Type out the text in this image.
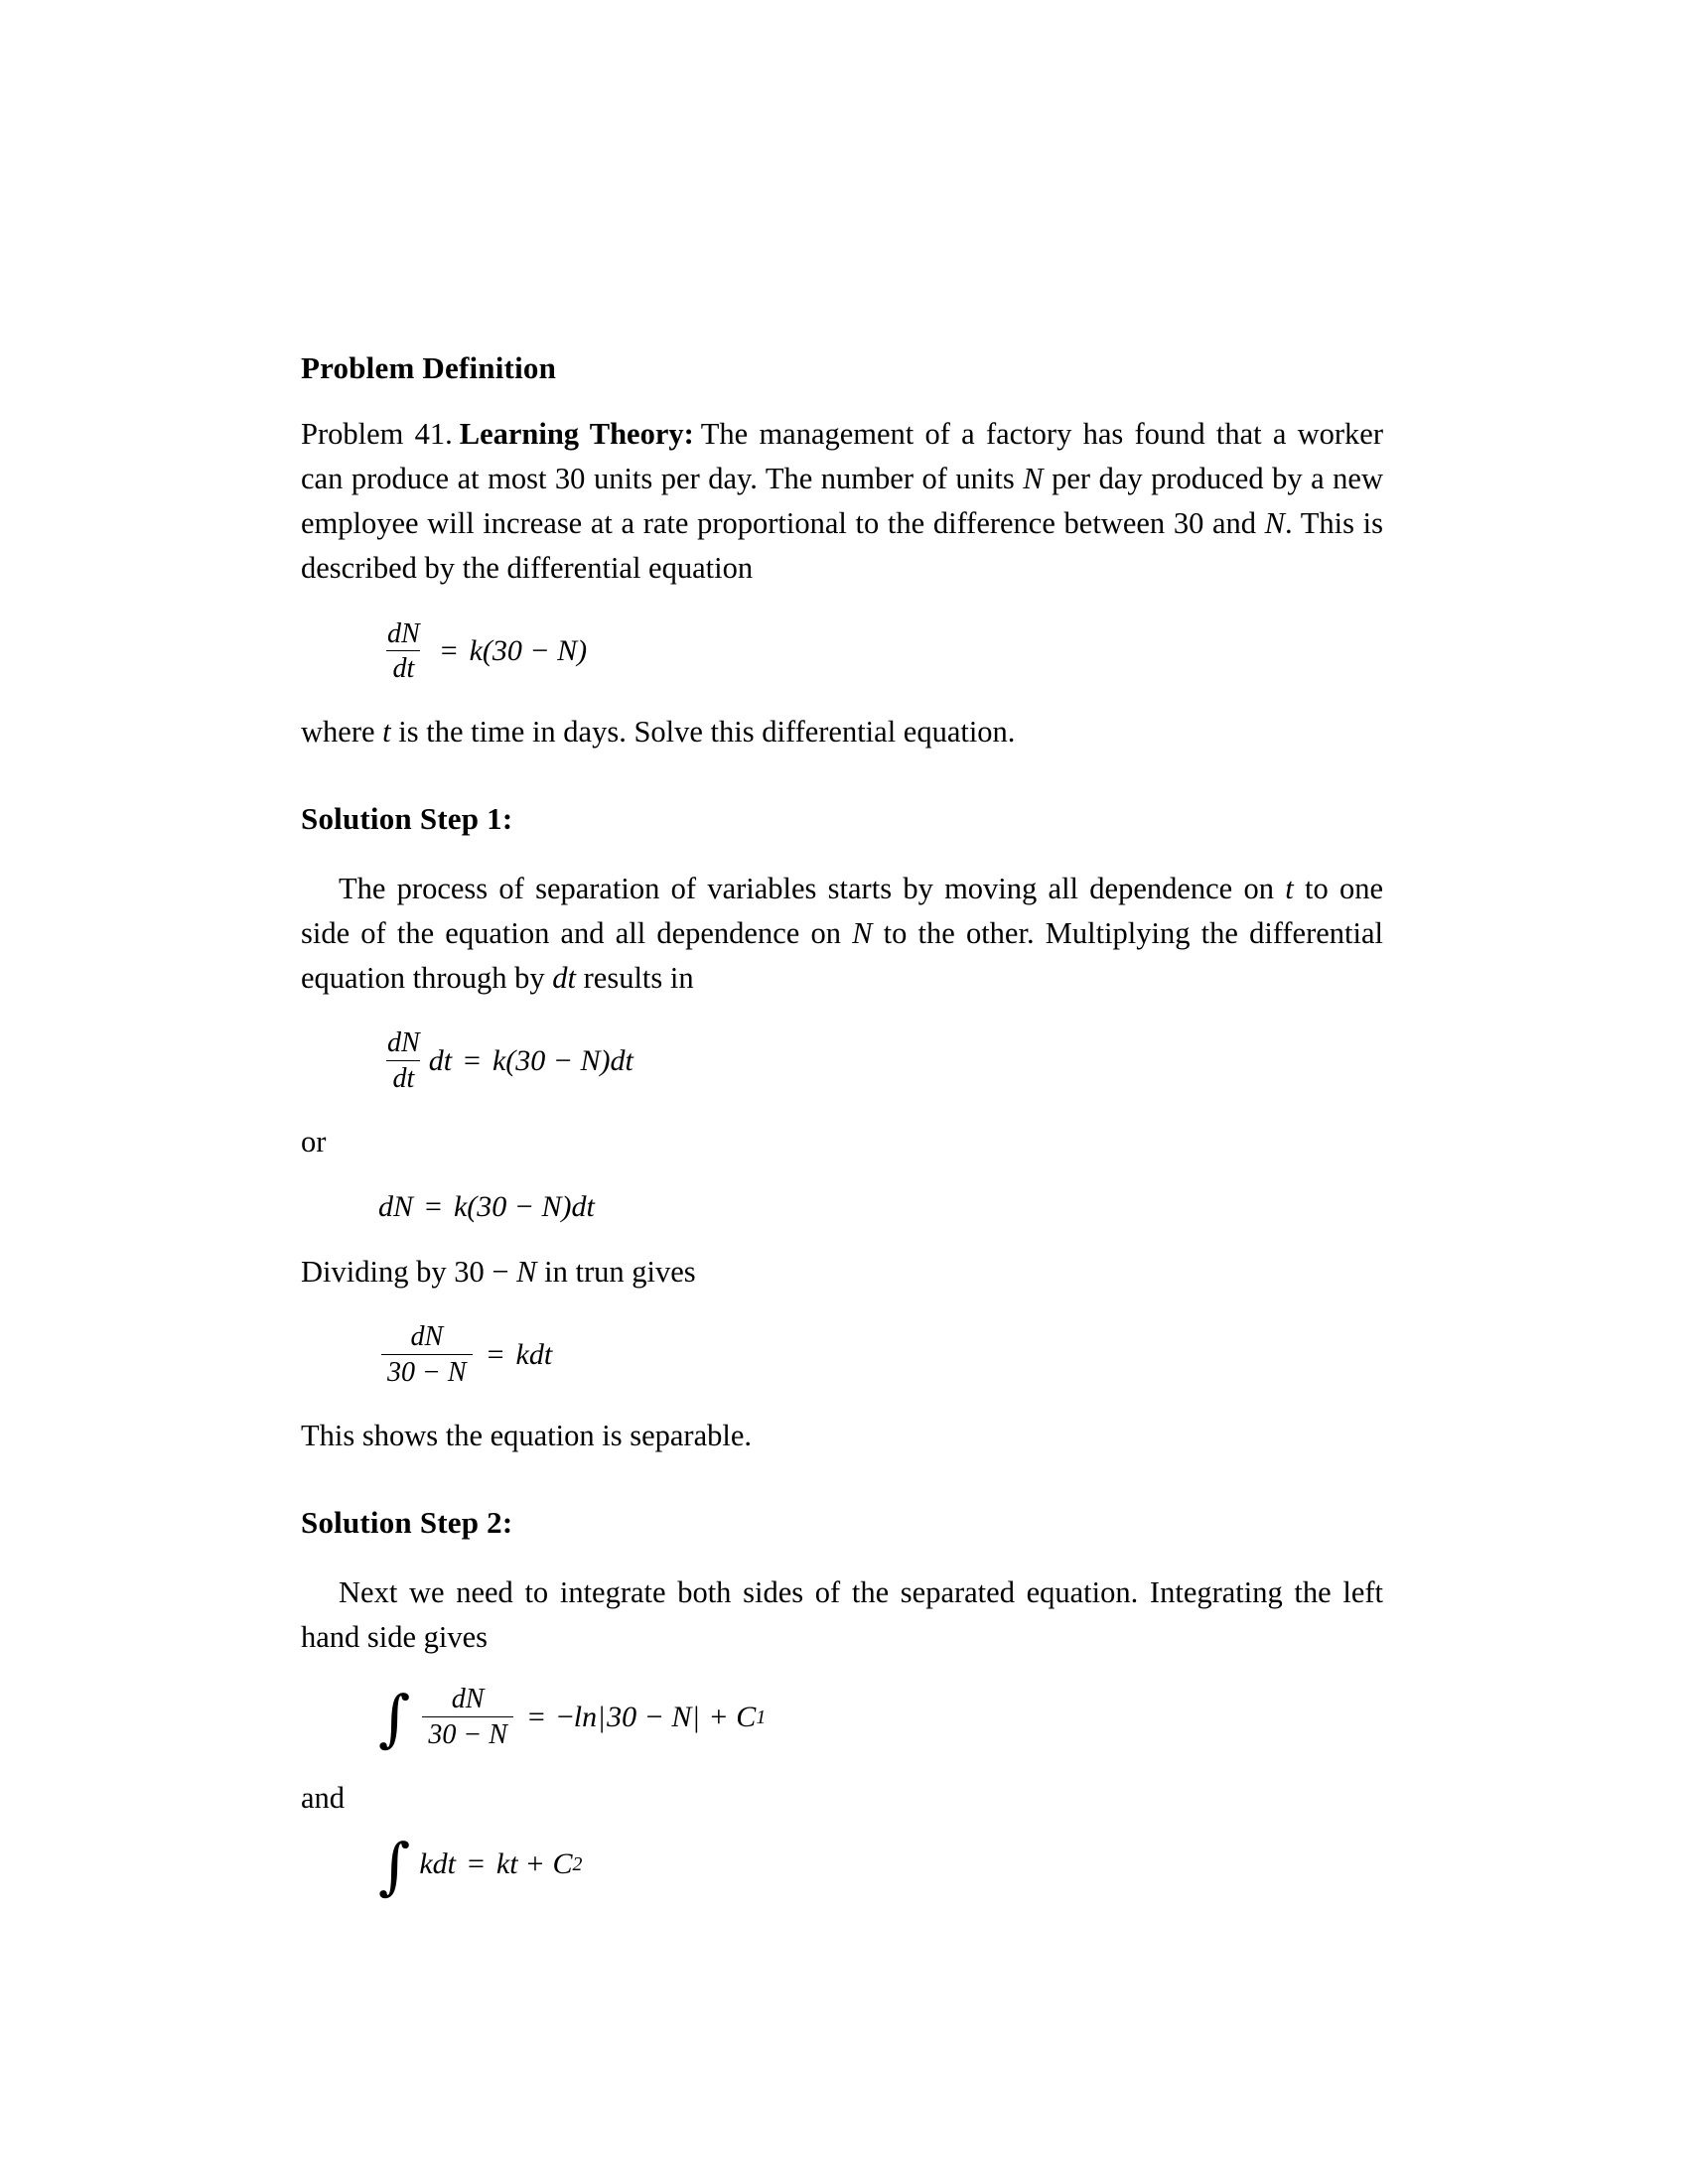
Problem Definition

Problem 41. Learning Theory: The management of a factory has found that a worker can produce at most 30 units per day. The number of units N per day produced by a new employee will increase at a rate proportional to the difference between 30 and N. This is described by the differential equation

$\frac{dN}{dt} = k(30 - N)$

where t is the time in days. Solve this differential equation.

Solution Step 1:

The process of separation of variables starts by moving all dependence on t to one side of the equation and all dependence on N to the other. Multiplying the differential equation through by dt results in

$\frac{dN}{dt}$ dt = k(30 − N)dt

or

dN = k(30 − N)dt

Dividing by 30 − N in trun gives

$\frac{dN}{30 - N}$ = kdt

This shows the equation is separable.

Solution Step 2:

Next we need to integrate both sides of the separated equation. Integrating the left hand side gives

∫ $\frac{dN}{30 - N}$ = − ln | 30 − N | + C 1

and

∫ kdt = kt + C 2
